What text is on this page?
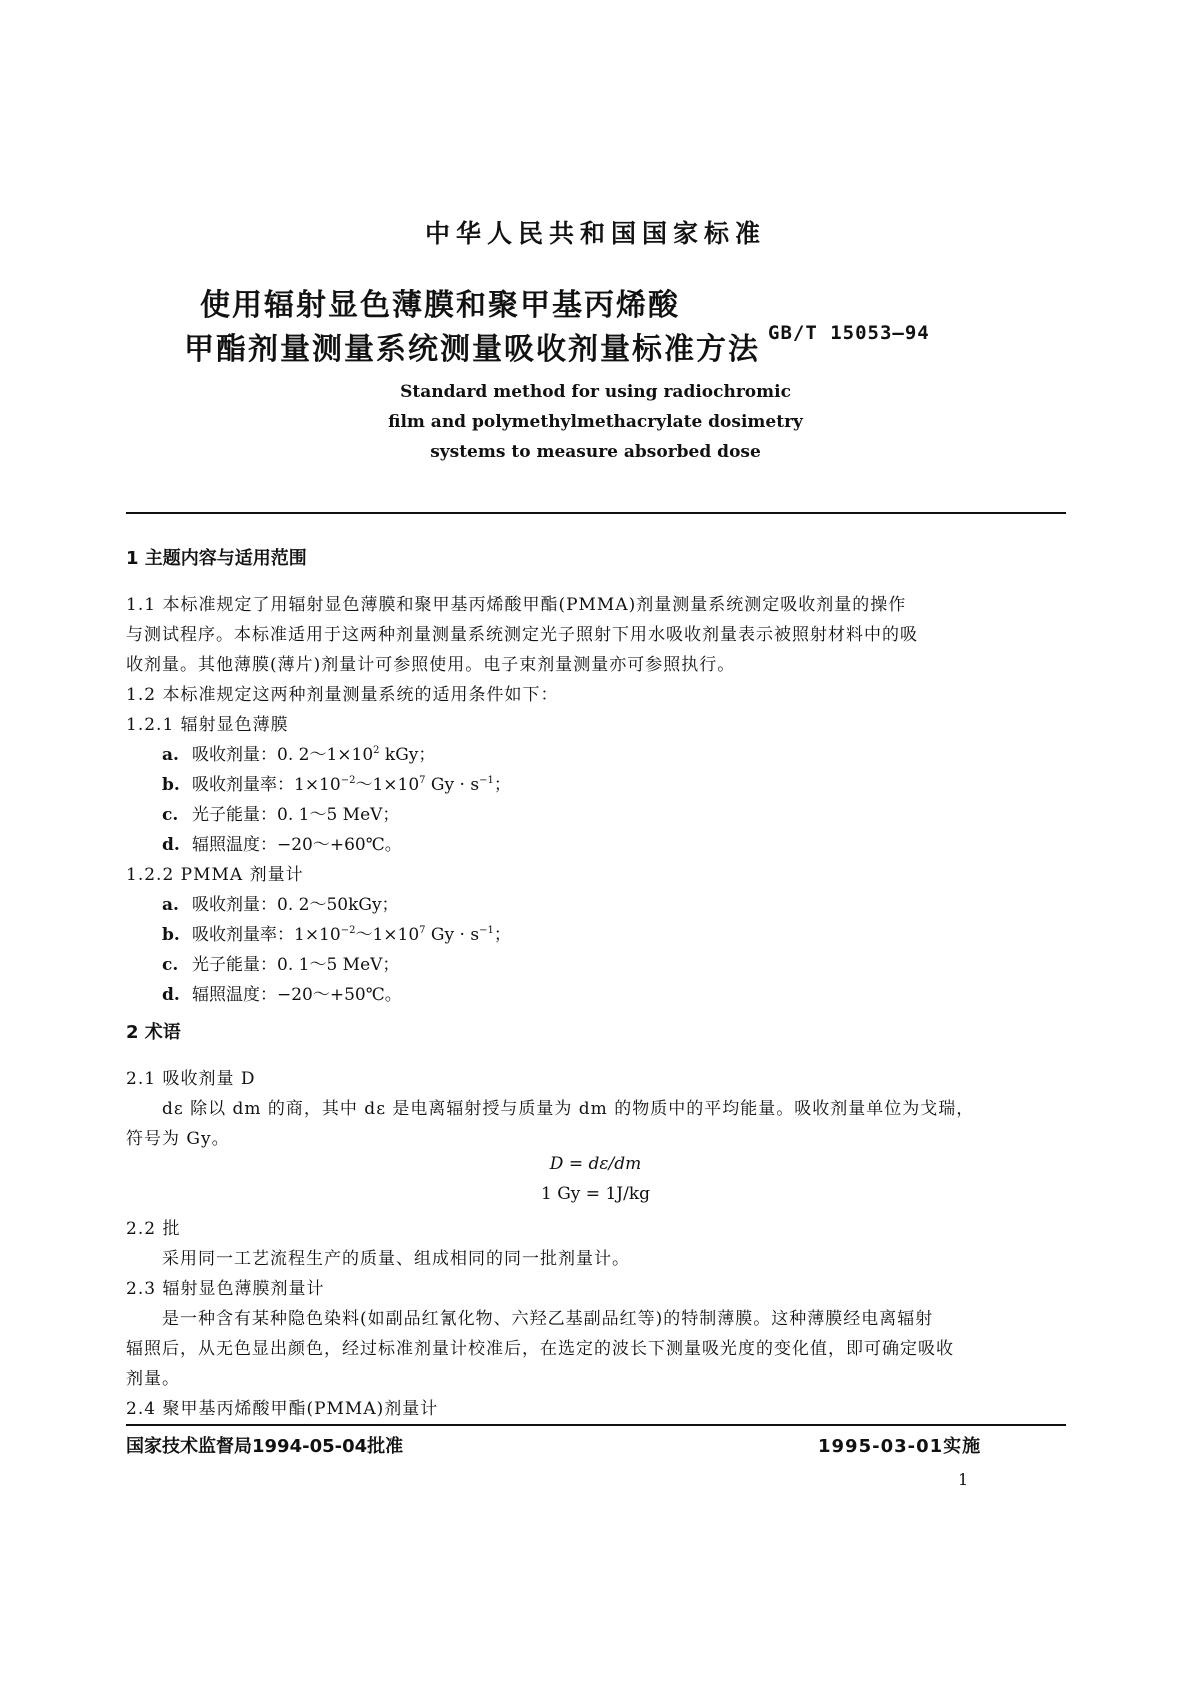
中华人民共和国国家标准
使用辐射显色薄膜和聚甲基丙烯酸
甲酯剂量测量系统测量吸收剂量标准方法 GB/T 15053—94
Standard method for using radiochromic
film and polymethylmethacrylate dosimetry
systems to measure absorbed dose
1 主题内容与适用范围
1.1 本标准规定了用辐射显色薄膜和聚甲基丙烯酸甲酯(PMMA)剂量测量系统测定吸收剂量的操作
与测试程序。本标准适用于这两种剂量测量系统测定光子照射下用水吸收剂量表示被照射材料中的吸
收剂量。其他薄膜(薄片)剂量计可参照使用。电子束剂量测量亦可参照执行。
1.2 本标准规定这两种剂量测量系统的适用条件如下：
1.2.1 辐射显色薄膜
a. 吸收剂量：0. $2\sim 1\times 10^2$ kGy；
b. 吸收剂量率：$1\times 10^{-2}\sim 1\times 10^7$ $Gy \cdot s^{-1}$；
c. 光子能量：0. 1～5 MeV；
d. 辐照温度：−20～+60℃。
1.2.2 PMMA 剂量计
a. 吸收剂量：0. 2～50kGy；
b. 吸收剂量率：$1\times 10^{-2}\sim 1\times 10^7$ $Gy \cdot s^{-1}$；
c. 光子能量：0. 1～5 MeV；
d. 辐照温度：−20～+50℃。
2 术语
2.1 吸收剂量 D
dε 除以 dm 的商，其中 dε 是电离辐射授与质量为 dm 的物质中的平均能量。吸收剂量单位为戈瑞，
符号为 Gy。
D = dε/dm
1 Gy = 1J/kg
2.2 批
采用同一工艺流程生产的质量、组成相同的同一批剂量计。
2.3 辐射显色薄膜剂量计
是一种含有某种隐色染料(如副品红氰化物、六羟乙基副品红等)的特制薄膜。这种薄膜经电离辐射
辐照后，从无色显出颜色，经过标准剂量计校准后，在选定的波长下测量吸光度的变化值，即可确定吸收
剂量。
2.4 聚甲基丙烯酸甲酯(PMMA)剂量计
国家技术监督局1994-05-04批准	1995-03-01实施
1
